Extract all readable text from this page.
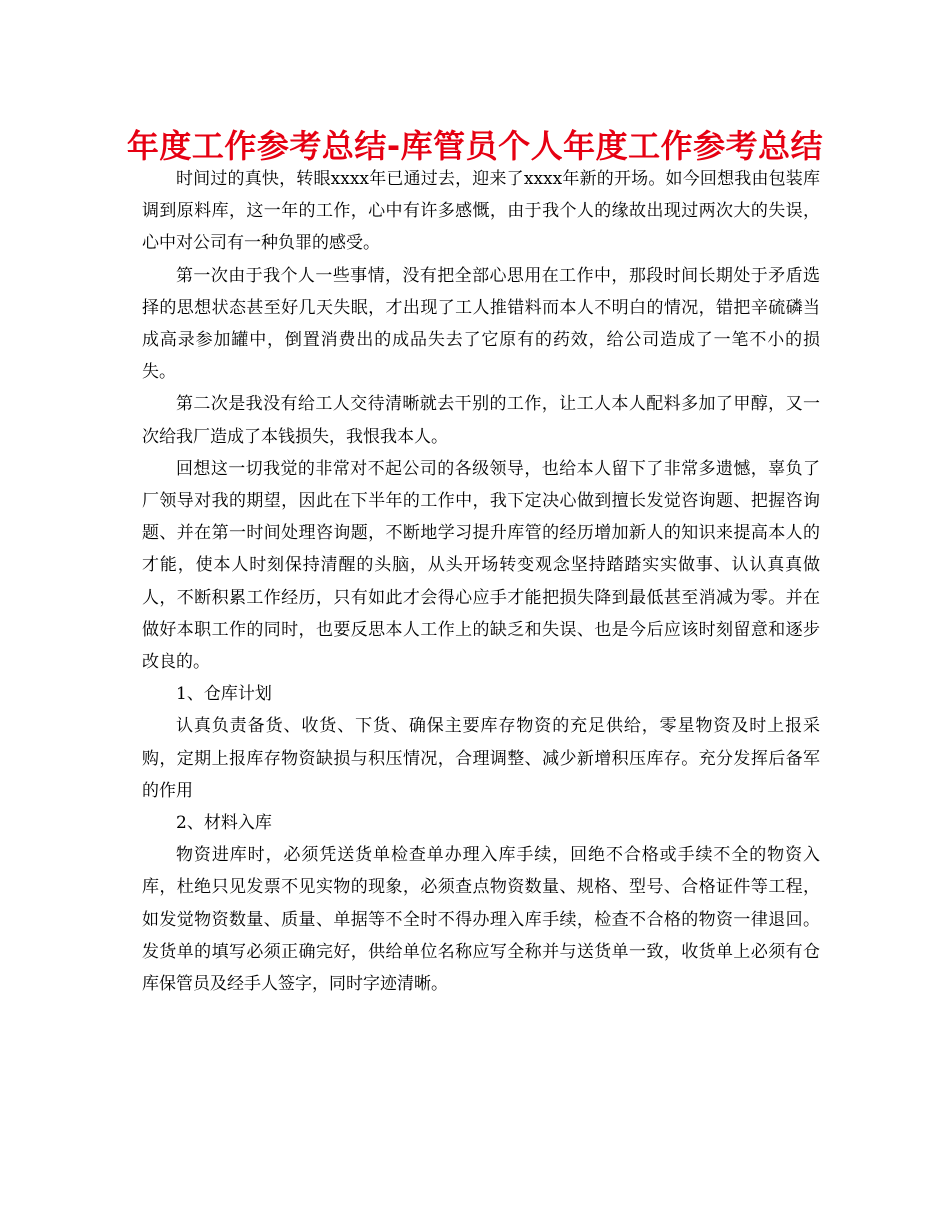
年度工作参考总结-库管员个人年度工作参考总结

时间过的真快，转眼xxxx年已通过去，迎来了xxxx年新的开场。如今回想我由包装库调到原料库，这一年的工作，心中有许多感慨，由于我个人的缘故出现过两次大的失误，心中对公司有一种负罪的感受。

第一次由于我个人一些事情，没有把全部心思用在工作中，那段时间长期处于矛盾选择的思想状态甚至好几天失眠，才出现了工人推错料而本人不明白的情况，错把辛硫磷当成高录参加罐中，倒置消费出的成品失去了它原有的药效，给公司造成了一笔不小的损失。

第二次是我没有给工人交待清晰就去干别的工作，让工人本人配料多加了甲醇，又一次给我厂造成了本钱损失，我恨我本人。

回想这一切我觉的非常对不起公司的各级领导，也给本人留下了非常多遗憾，辜负了厂领导对我的期望，因此在下半年的工作中，我下定决心做到擅长发觉咨询题、把握咨询题、并在第一时间处理咨询题，不断地学习提升库管的经历增加新人的知识来提高本人的才能，使本人时刻保持清醒的头脑，从头开场转变观念坚持踏踏实实做事、认认真真做人，不断积累工作经历，只有如此才会得心应手才能把损失降到最低甚至消减为零。并在做好本职工作的同时，也要反思本人工作上的缺乏和失误、也是今后应该时刻留意和逐步改良的。

1、仓库计划

认真负责备货、收货、下货、确保主要库存物资的充足供给，零星物资及时上报采购，定期上报库存物资缺损与积压情况，合理调整、减少新增积压库存。充分发挥后备军的作用

2、材料入库

物资进库时，必须凭送货单检查单办理入库手续，回绝不合格或手续不全的物资入库，杜绝只见发票不见实物的现象，必须查点物资数量、规格、型号、合格证件等工程，如发觉物资数量、质量、单据等不全时不得办理入库手续，检查不合格的物资一律退回。发货单的填写必须正确完好，供给单位名称应写全称并与送货单一致，收货单上必须有仓库保管员及经手人签字，同时字迹清晰。
